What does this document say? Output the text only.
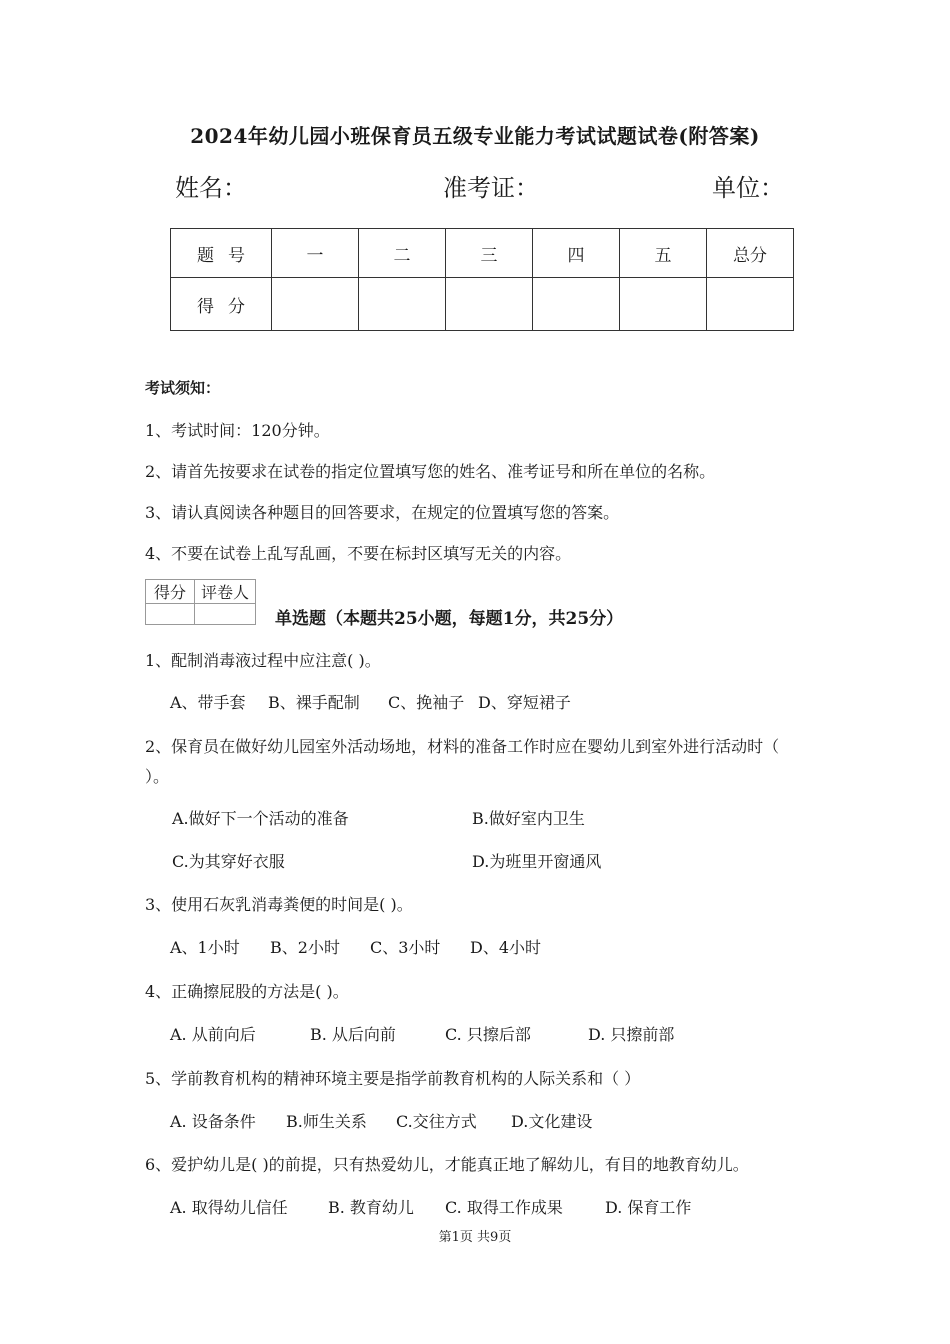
2024年幼儿园小班保育员五级专业能力考试试题试卷(附答案)
姓名：	准考证：	单位：
题号	一	二	三	四	五	总分
得分						
考试须知：
1、考试时间：120分钟。
2、请首先按要求在试卷的指定位置填写您的姓名、准考证号和所在单位的名称。
3、请认真阅读各种题目的回答要求，在规定的位置填写您的答案。
4、不要在试卷上乱写乱画，不要在标封区填写无关的内容。
得分	评卷人

单选题（本题共25小题，每题1分，共25分）
1、配制消毒液过程中应注意( )。
A、带手套 B、裸手配制 C、挽袖子 D、穿短裙子
2、保育员在做好幼儿园室外活动场地，材料的准备工作时应在婴幼儿到室外进行活动时（
）。
A.做好下一个活动的准备	B.做好室内卫生
C.为其穿好衣服	D.为班里开窗通风
3、使用石灰乳消毒粪便的时间是( )。
A、1小时 B、2小时 C、3小时 D、4小时
4、正确擦屁股的方法是( )。
A. 从前向后	B. 从后向前	C. 只擦后部	D. 只擦前部
5、学前教育机构的精神环境主要是指学前教育机构的人际关系和（ ）
A. 设备条件 B.师生关系 C.交往方式 D.文化建设
6、爱护幼儿是( )的前提，只有热爱幼儿，才能真正地了解幼儿，有目的地教育幼儿。
A. 取得幼儿信任	B. 教育幼儿 C. 取得工作成果	D. 保育工作
第1页 共9页
